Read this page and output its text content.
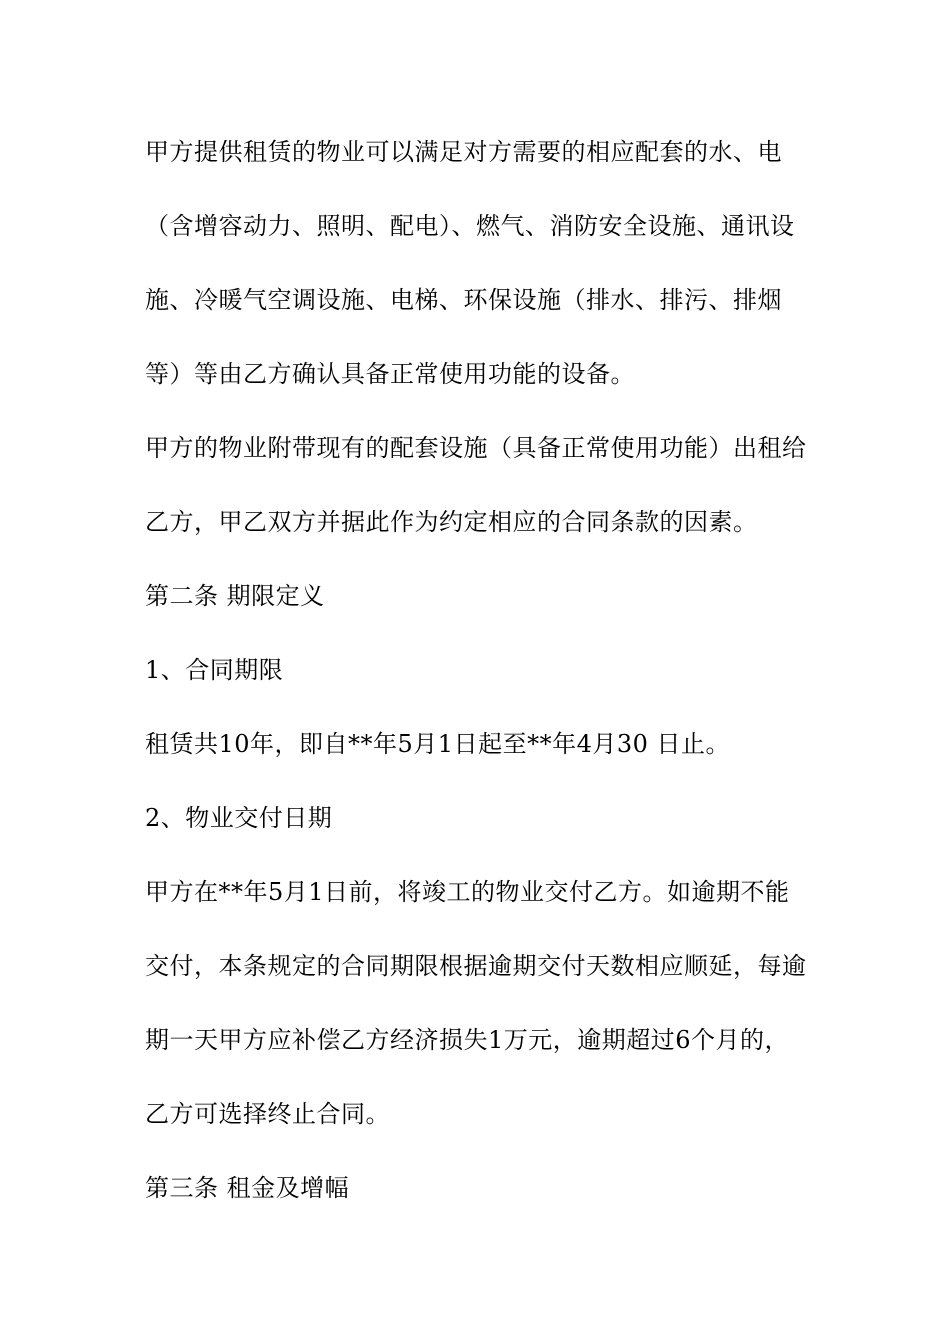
甲方提供租赁的物业可以满足对方需要的相应配套的水、电
（含增容动力、照明、配电）、燃气、消防安全设施、通讯设
施、冷暖气空调设施、电梯、环保设施（排水、排污、排烟
等）等由乙方确认具备正常使用功能的设备。
甲方的物业附带现有的配套设施（具备正常使用功能）出租给
乙方，甲乙双方并据此作为约定相应的合同条款的因素。
第二条 期限定义
1、合同期限
租赁共10年，即自**年5月1日起至**年4月30 日止。
2、物业交付日期
甲方在**年5月1日前，将竣工的物业交付乙方。如逾期不能
交付，本条规定的合同期限根据逾期交付天数相应顺延，每逾
期一天甲方应补偿乙方经济损失1万元，逾期超过6个月的，
乙方可选择终止合同。
第三条 租金及增幅
